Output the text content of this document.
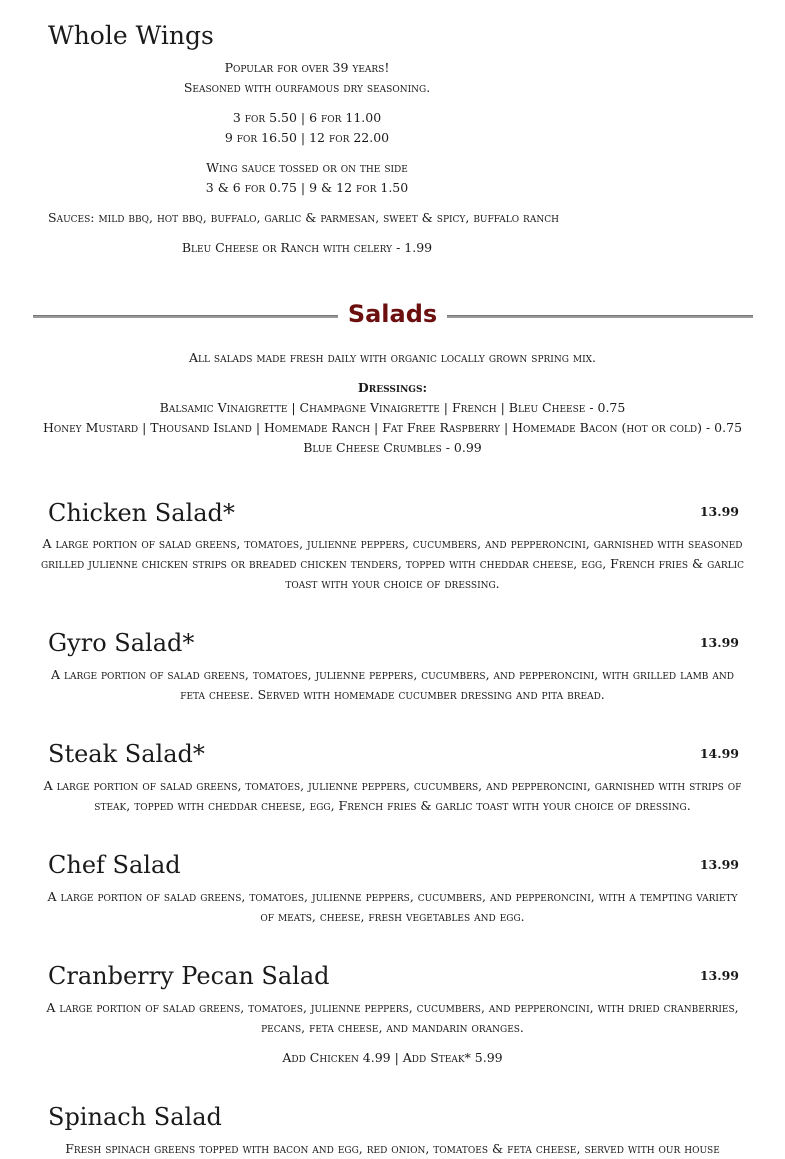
Whole Wings
Popular for over 39 years!
Seasoned with ourfamous dry seasoning.
3 for 5.50 | 6 for 11.00
9 for 16.50 | 12 for 22.00
Wing sauce tossed or on the side
3 & 6 for 0.75 | 9 & 12 for 1.50
Sauces: mild bbq, hot bbq, buffalo, garlic & parmesan, sweet & spicy, buffalo ranch
Bleu Cheese or Ranch with celery - 1.99
Salads
All salads made fresh daily with organic locally grown spring mix.
Dressings:
Balsamic Vinaigrette | Champagne Vinaigrette | French | Bleu Cheese - 0.75
Honey Mustard | Thousand Island | Homemade Ranch | Fat Free Raspberry | Homemade Bacon (hot or cold) - 0.75
Blue Cheese Crumbles - 0.99
Chicken Salad*	13.99
A large portion of salad greens, tomatoes, julienne peppers, cucumbers, and pepperoncini, garnished with seasoned grilled julienne chicken strips or breaded chicken tenders, topped with cheddar cheese, egg, French fries & garlic toast with your choice of dressing.
Gyro Salad*	13.99
A large portion of salad greens, tomatoes, julienne peppers, cucumbers, and pepperoncini, with grilled lamb and feta cheese. Served with homemade cucumber dressing and pita bread.
Steak Salad*	14.99
A large portion of salad greens, tomatoes, julienne peppers, cucumbers, and pepperoncini, garnished with strips of steak, topped with cheddar cheese, egg, French fries & garlic toast with your choice of dressing.
Chef Salad	13.99
A large portion of salad greens, tomatoes, julienne peppers, cucumbers, and pepperoncini, with a tempting variety of meats, cheese, fresh vegetables and egg.
Cranberry Pecan Salad	13.99
A large portion of salad greens, tomatoes, julienne peppers, cucumbers, and pepperoncini, with dried cranberries, pecans, feta cheese, and mandarin oranges.
Add Chicken 4.99 | Add Steak* 5.99
Spinach Salad
Fresh spinach greens topped with bacon and egg, red onion, tomatoes & feta cheese, served with our house
